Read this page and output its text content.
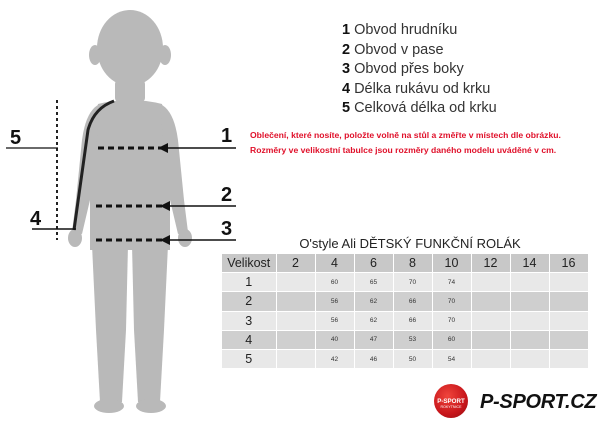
1
2
3
4
5
1 Obvod hrudníku
2 Obvod v pase
3 Obvod přes boky
4 Délka rukávu od krku
5 Celková délka od krku
Oblečení, které nosíte, položte volně na stůl a změřte v místech dle obrázku.
Rozměry ve velikostní tabulce jsou rozměry daného modelu uváděné v cm.
O'style Ali DĚTSKÝ FUNKČNÍ ROLÁK
Velikost	2	4	6	8	10	12	14	16
1		60	65	70	74			
2		56	62	66	70			
3		56	62	66	70			
4		40	47	53	60			
5		42	46	50	54			
P-SPORT
ROKYTNICE P-SPORT.CZ
